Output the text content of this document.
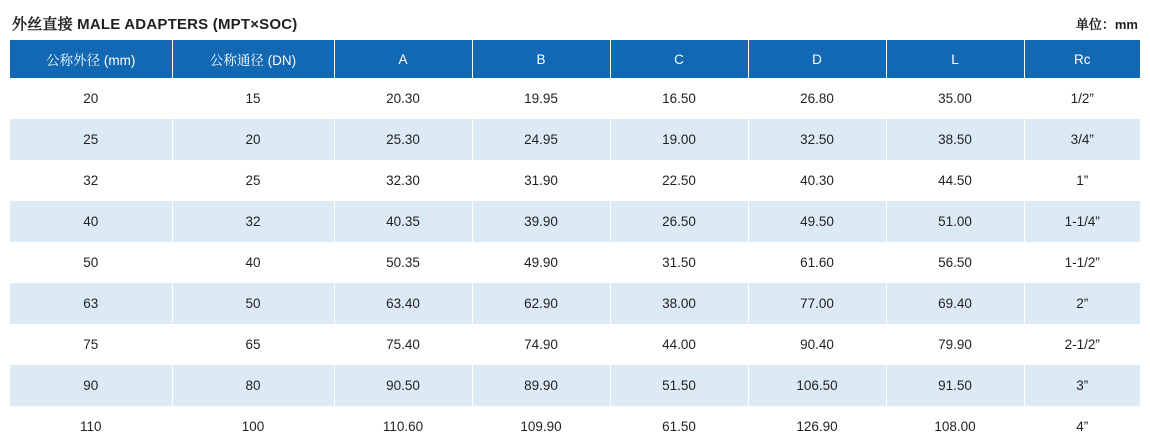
外丝直接 MALE ADAPTERS (MPT×SOC)	单位：mm
公称外径 (mm)	公称通径 (DN)	A	B	C	D	L	Rc
20	15	20.30	19.95	16.50	26.80	35.00	1/2”
25	20	25.30	24.95	19.00	32.50	38.50	3/4”
32	25	32.30	31.90	22.50	40.30	44.50	1”
40	32	40.35	39.90	26.50	49.50	51.00	1-1/4”
50	40	50.35	49.90	31.50	61.60	56.50	1-1/2”
63	50	63.40	62.90	38.00	77.00	69.40	2”
75	65	75.40	74.90	44.00	90.40	79.90	2-1/2”
90	80	90.50	89.90	51.50	106.50	91.50	3”
110	100	110.60	109.90	61.50	126.90	108.00	4”
